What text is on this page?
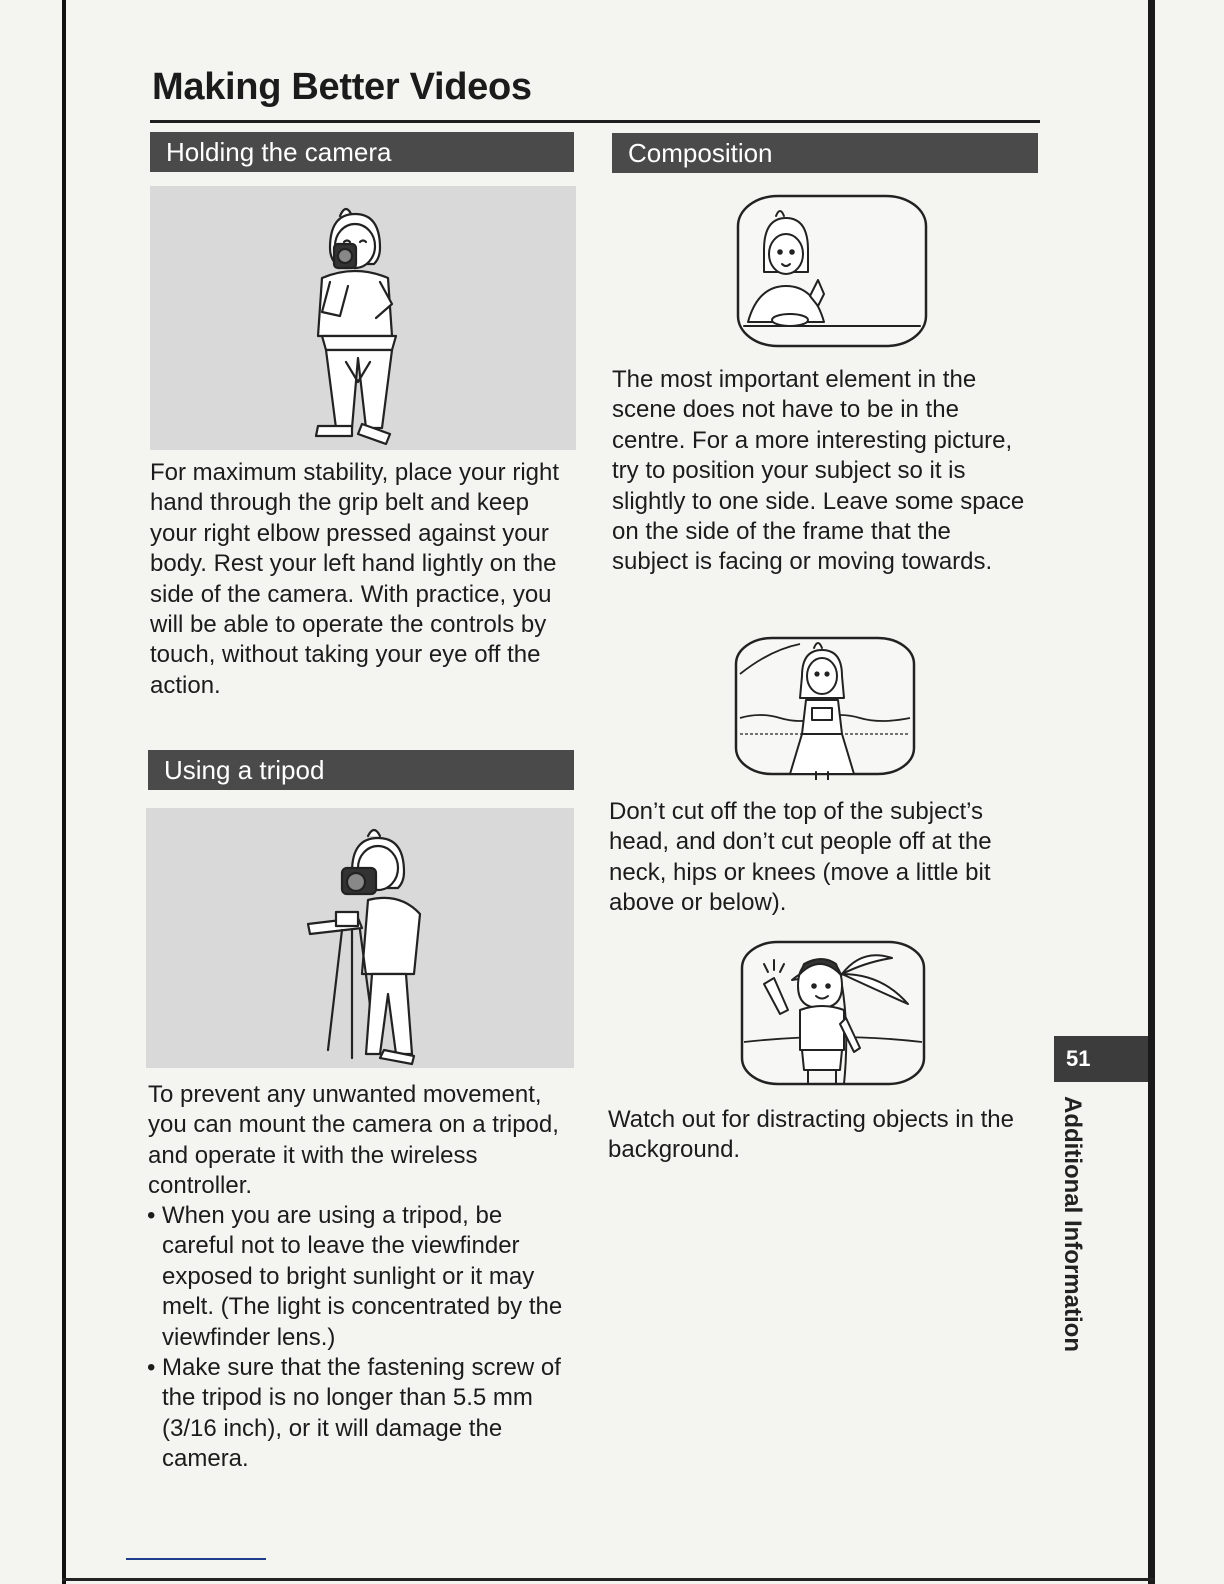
Making Better Videos
Holding the camera

For maximum stability, place your right hand through the grip belt and keep your right elbow pressed against your body. Rest your left hand lightly on the side of the camera. With practice, you will be able to operate the controls by touch, without taking your eye off the action.

Using a tripod

To prevent any unwanted movement, you can mount the camera on a tripod, and operate it with the wireless controller.

• When you are using a tripod, be careful not to leave the viewfinder exposed to bright sunlight or it may melt. (The light is concentrated by the viewfinder lens.)
• Make sure that the fastening screw of the tripod is no longer than 5.5 mm (3/16 inch), or it will damage the camera.
Composition

The most important element in the scene does not have to be in the centre. For a more interesting picture, try to position your subject so it is slightly to one side. Leave some space on the side of the frame that the subject is facing or moving towards.

Don’t cut off the top of the subject’s head, and don’t cut people off at the neck, hips or knees (move a little bit above or below).

Watch out for distracting objects in the background.

51
Additional Information
